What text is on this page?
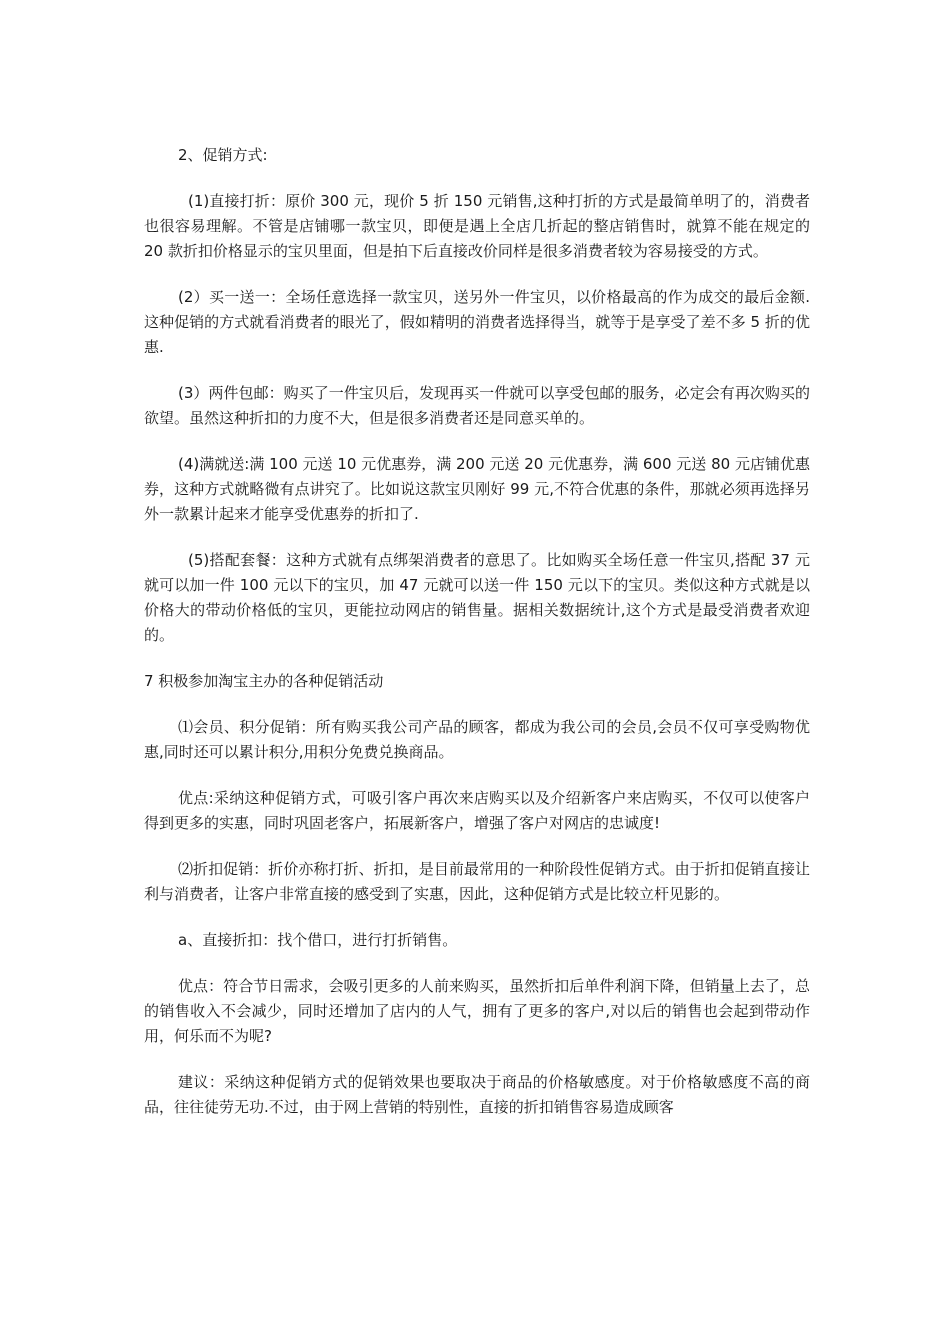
2、促销方式:

(1)直接打折：原价 300 元，现价 5 折 150 元销售,这种打折的方式是最简单明了的，消费者也很容易理解。不管是店铺哪一款宝贝，即便是遇上全店几折起的整店销售时，就算不能在规定的 20 款折扣价格显示的宝贝里面，但是拍下后直接改价同样是很多消费者较为容易接受的方式。

(2）买一送一：全场任意选择一款宝贝，送另外一件宝贝，以价格最高的作为成交的最后金额.这种促销的方式就看消费者的眼光了，假如精明的消费者选择得当，就等于是享受了差不多 5 折的优惠.

(3）两件包邮：购买了一件宝贝后，发现再买一件就可以享受包邮的服务，必定会有再次购买的欲望。虽然这种折扣的力度不大，但是很多消费者还是同意买单的。

(4)满就送:满 100 元送 10 元优惠券，满 200 元送 20 元优惠券，满 600 元送 80 元店铺优惠券，这种方式就略微有点讲究了。比如说这款宝贝刚好 99 元,不符合优惠的条件，那就必须再选择另外一款累计起来才能享受优惠券的折扣了.

(5)搭配套餐：这种方式就有点绑架消费者的意思了。比如购买全场任意一件宝贝,搭配 37 元就可以加一件 100 元以下的宝贝，加 47 元就可以送一件 150 元以下的宝贝。类似这种方式就是以价格大的带动价格低的宝贝，更能拉动网店的销售量。据相关数据统计,这个方式是最受消费者欢迎的。

7 积极参加淘宝主办的各种促销活动

⑴会员、积分促销：所有购买我公司产品的顾客，都成为我公司的会员,会员不仅可享受购物优惠,同时还可以累计积分,用积分免费兑换商品。

优点:采纳这种促销方式，可吸引客户再次来店购买以及介绍新客户来店购买，不仅可以使客户得到更多的实惠，同时巩固老客户，拓展新客户，增强了客户对网店的忠诚度!

⑵折扣促销：折价亦称打折、折扣，是目前最常用的一种阶段性促销方式。由于折扣促销直接让利与消费者，让客户非常直接的感受到了实惠，因此，这种促销方式是比较立杆见影的。

a、直接折扣：找个借口，进行打折销售。

优点：符合节日需求，会吸引更多的人前来购买，虽然折扣后单件利润下降，但销量上去了，总的销售收入不会减少，同时还增加了店内的人气，拥有了更多的客户,对以后的销售也会起到带动作用，何乐而不为呢?

建议：采纳这种促销方式的促销效果也要取决于商品的价格敏感度。对于价格敏感度不高的商品，往往徒劳无功.不过，由于网上营销的特别性，直接的折扣销售容易造成顾客
